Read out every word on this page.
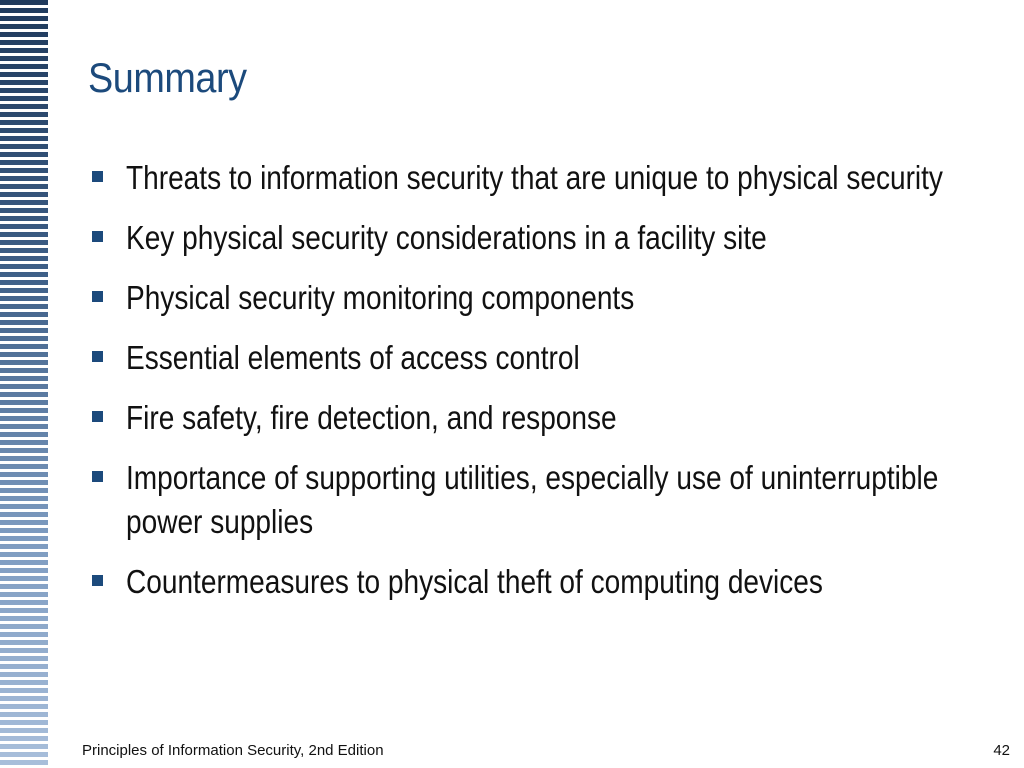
Summary
Threats to information security that are unique to physical security
Key physical security considerations in a facility site
Physical security monitoring components
Essential elements of access control
Fire safety, fire detection, and response
Importance of supporting utilities, especially use of uninterruptible power supplies
Countermeasures to physical theft of computing devices
Principles of Information Security, 2nd Edition	42
